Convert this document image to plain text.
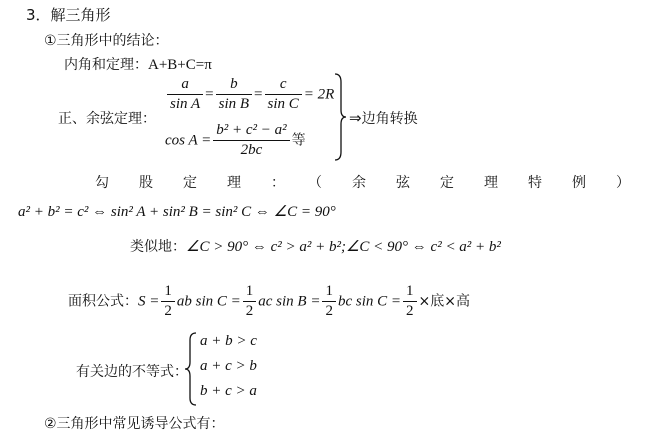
3．解三角形
①三角形中的结论：
内角和定理：A+B+C=π
正、余弦定理：
$\frac{a}{\text{sin A}} = \frac{b}{\text{sin B}} = \frac{c}{\text{sin C}} = 2R$
$\cos A = \frac{\text{b² + c² − a²}}{2bc}$ 等
⇒边角转换
勾股定理：（余弦定理特例）
a² + b² = c² ⇔ sin² A + sin² B = sin² C ⇔ ∠C = 90°
类似地：∠C > 90° ⇔ c² > a² + b²;∠C < 90° ⇔ c² < a² + b²
面积公式：$S = \frac{1}{2}$ ab $\sin C = \frac{1}{2}$ ac $\sin B = \frac{1}{2}$ bc $\sin C = \frac{1}{2}$ ×底×高
有关边的不等式：
a + b > c
a + c > b
b + c > a
②三角形中常见诱导公式有：
